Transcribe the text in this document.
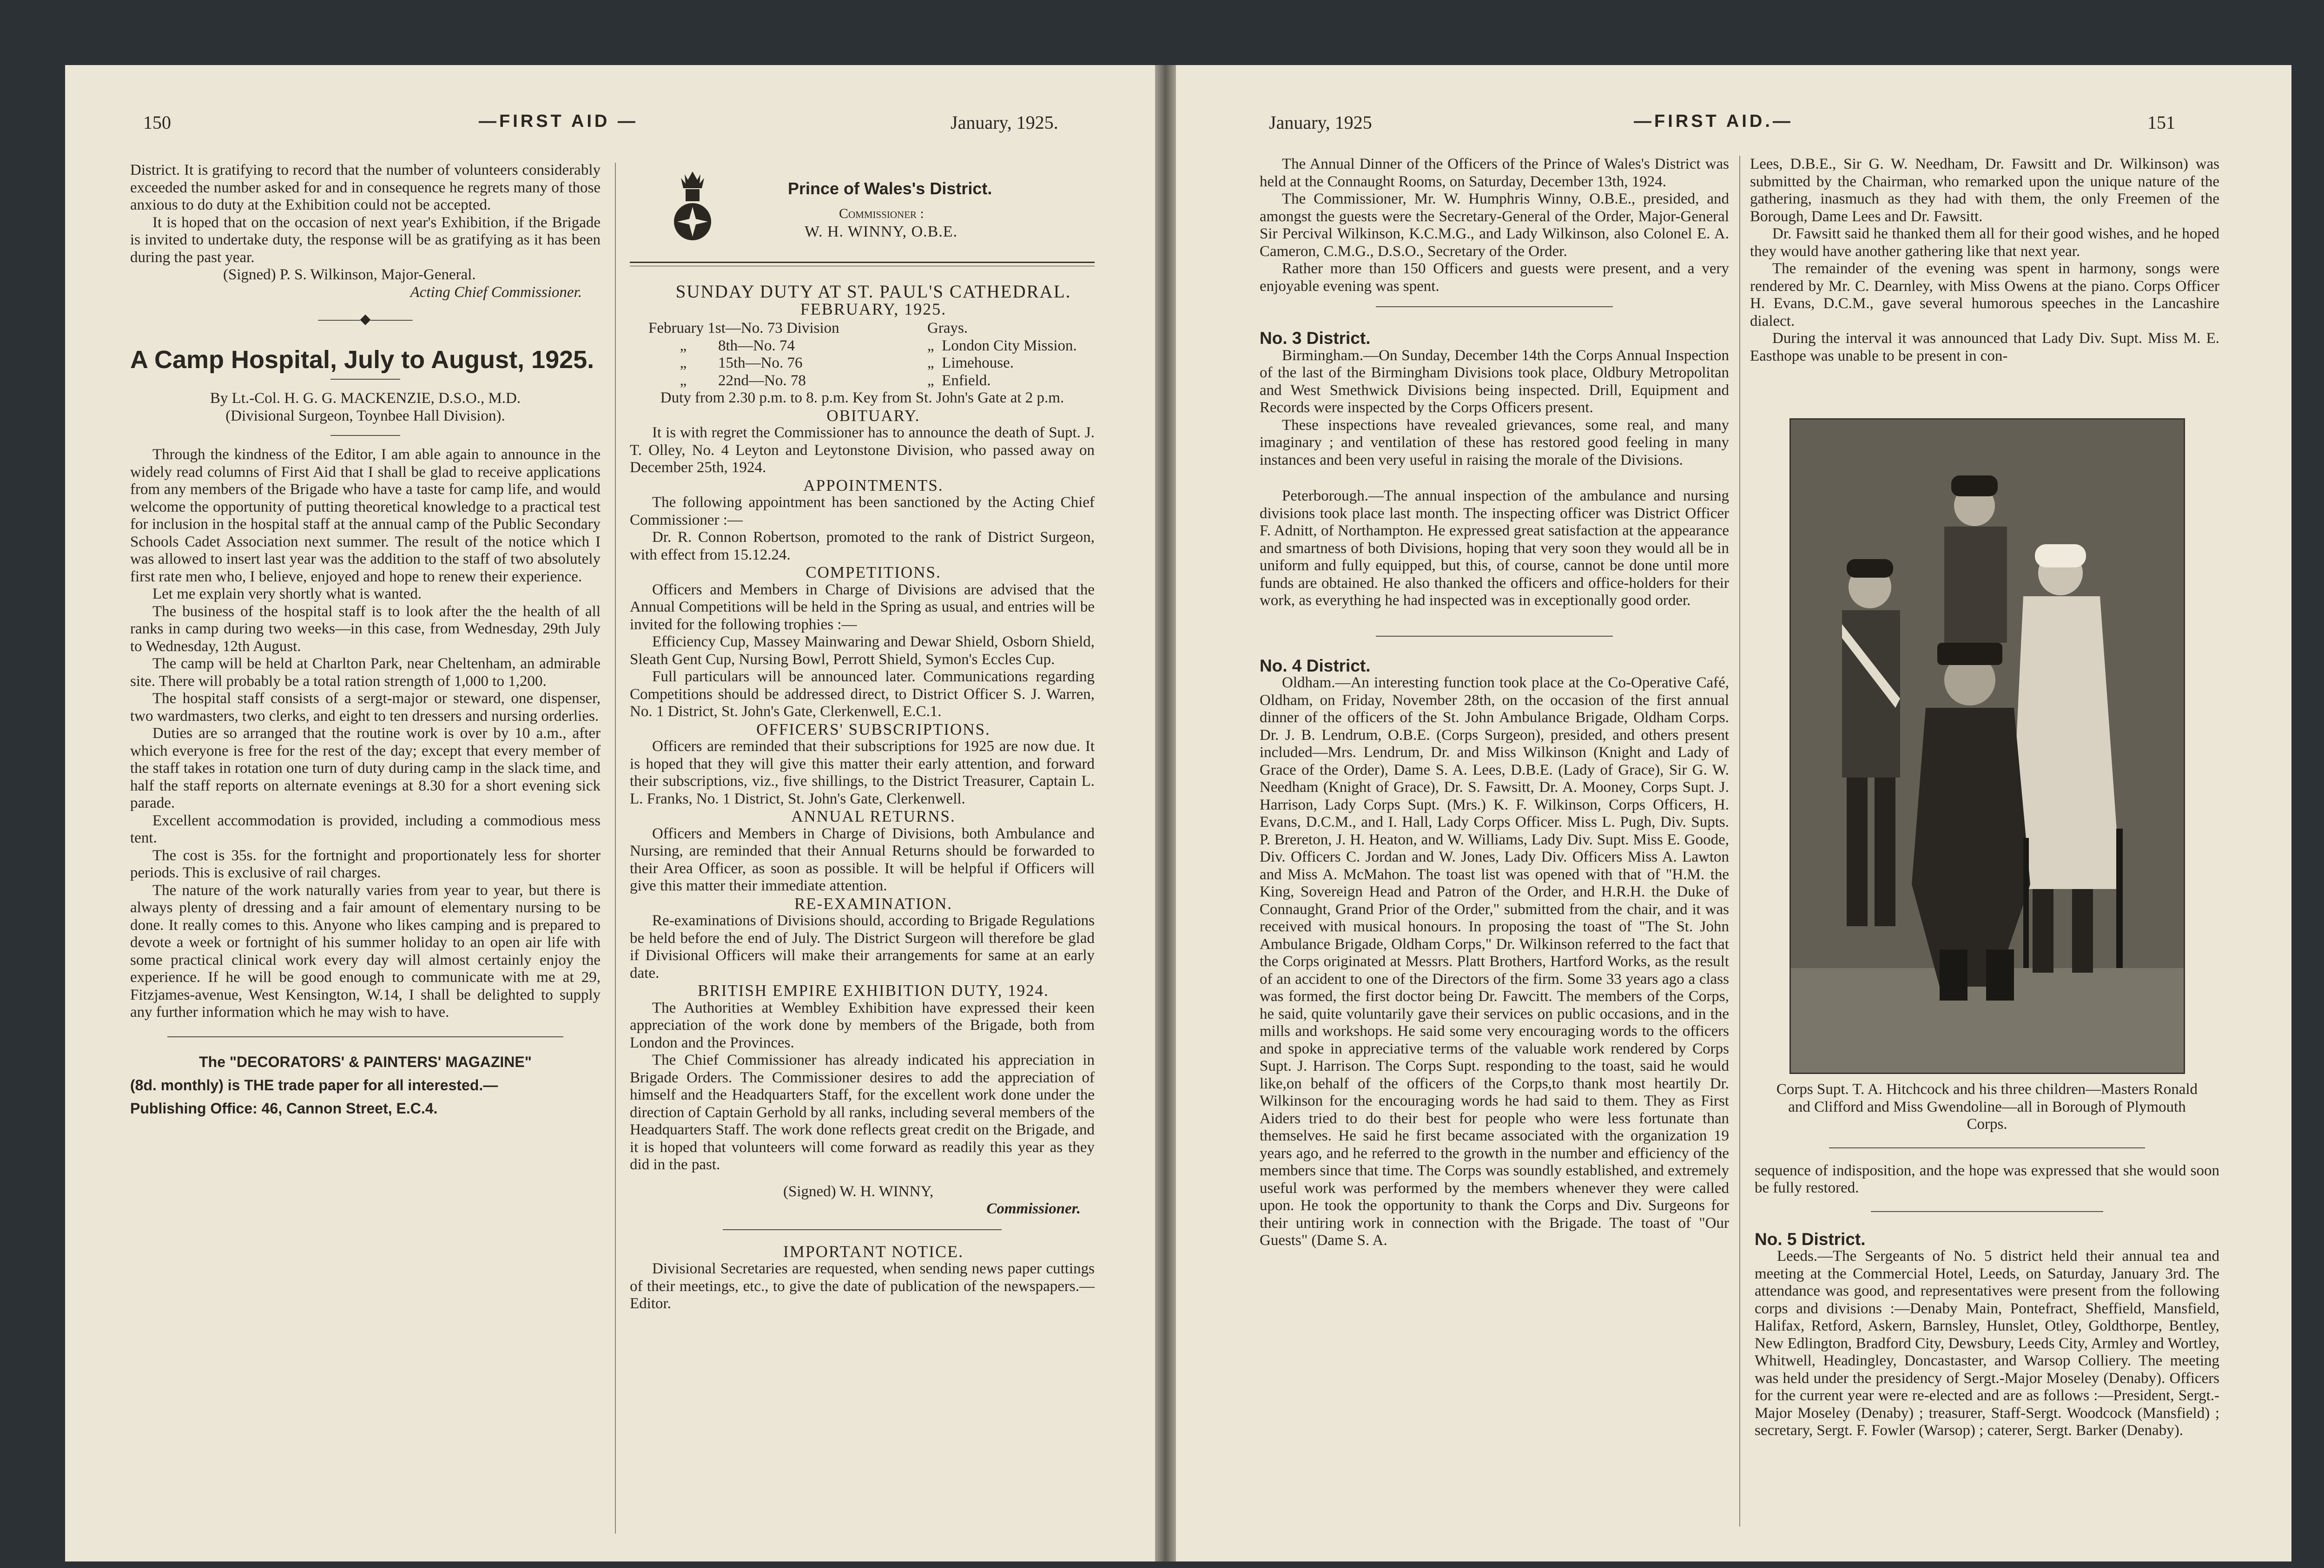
150	—FIRST AID —	January, 1925.

District. It is gratifying to record that the number of volunteers considerably exceeded the number asked for and in consequence he regrets many of those anxious to do duty at the Exhibition could not be accepted.

It is hoped that on the occasion of next year's Exhibition, if the Brigade is invited to undertake duty, the response will be as gratifying as it has been during the past year.

(Signed) P. S. Wilkinson, Major-General.

Acting Chief Commissioner.

———◆———

A Camp Hospital, July to August, 1925.

By Lt.-Col. H. G. G. MACKENZIE, D.S.O., M.D.

(Divisional Surgeon, Toynbee Hall Division).

Through the kindness of the Editor, I am able again to announce in the widely read columns of First Aid that I shall be glad to receive applications from any members of the Brigade who have a taste for camp life, and would welcome the opportunity of putting theoretical knowledge to a practical test for inclusion in the hospital staff at the annual camp of the Public Secondary Schools Cadet Association next summer. The result of the notice which I was allowed to insert last year was the addition to the staff of two absolutely first rate men who, I believe, enjoyed and hope to renew their experience.

Let me explain very shortly what is wanted.

The business of the hospital staff is to look after the the health of all ranks in camp during two weeks—in this case, from Wednesday, 29th July to Wednesday, 12th August.

The camp will be held at Charlton Park, near Cheltenham, an admirable site. There will probably be a total ration strength of 1,000 to 1,200.

The hospital staff consists of a sergt-major or steward, one dispenser, two wardmasters, two clerks, and eight to ten dressers and nursing orderlies.

Duties are so arranged that the routine work is over by 10 a.m., after which everyone is free for the rest of the day; except that every member of the staff takes in rotation one turn of duty during camp in the slack time, and half the staff reports on alternate evenings at 8.30 for a short evening sick parade.

Excellent accommodation is provided, including a commodious mess tent.

The cost is 35s. for the fortnight and proportionately less for shorter periods. This is exclusive of rail charges.

The nature of the work naturally varies from year to year, but there is always plenty of dressing and a fair amount of elementary nursing to be done. It really comes to this. Anyone who likes camping and is prepared to devote a week or fortnight of his summer holiday to an open air life with some practical clinical work every day will almost certainly enjoy the experience. If he will be good enough to communicate with me at 29, Fitzjames-avenue, West Kensington, W.14, I shall be delighted to supply any further information which he may wish to have.

The "DECORATORS' & PAINTERS' MAGAZINE"
(8d. monthly) is THE trade paper for all interested.—
Publishing Office: 46, Cannon Street, E.C.4.

Prince of Wales's District.

Commissioner :

W. H. WINNY, O.B.E.

SUNDAY DUTY AT ST. PAUL'S CATHEDRAL.

FEBRUARY, 1925.

February 1st—No. 73 Division	Grays.
„	8th—No. 74	„ London City Mission.
„	15th—No. 76	„ Limehouse.
„	22nd—No. 78	„ Enfield.

Duty from 2.30 p.m. to 8. p.m. Key from St. John's Gate at 2 p.m.

OBITUARY.

It is with regret the Commissioner has to announce the death of Supt. J. T. Olley, No. 4 Leyton and Leytonstone Division, who passed away on December 25th, 1924.

APPOINTMENTS.

The following appointment has been sanctioned by the Acting Chief Commissioner :—

Dr. R. Connon Robertson, promoted to the rank of District Surgeon, with effect from 15.12.24.

COMPETITIONS.

Officers and Members in Charge of Divisions are advised that the Annual Competitions will be held in the Spring as usual, and entries will be invited for the following trophies :—

Efficiency Cup, Massey Mainwaring and Dewar Shield, Osborn Shield, Sleath Gent Cup, Nursing Bowl, Perrott Shield, Symon's Eccles Cup.

Full particulars will be announced later. Communications regarding Competitions should be addressed direct, to District Officer S. J. Warren, No. 1 District, St. John's Gate, Clerkenwell, E.C.1.

OFFICERS' SUBSCRIPTIONS.

Officers are reminded that their subscriptions for 1925 are now due. It is hoped that they will give this matter their early attention, and forward their subscriptions, viz., five shillings, to the District Treasurer, Captain L. L. Franks, No. 1 District, St. John's Gate, Clerkenwell.

ANNUAL RETURNS.

Officers and Members in Charge of Divisions, both Ambulance and Nursing, are reminded that their Annual Returns should be forwarded to their Area Officer, as soon as possible. It will be helpful if Officers will give this matter their immediate attention.

RE-EXAMINATION.

Re-examinations of Divisions should, according to Brigade Regulations be held before the end of July. The District Surgeon will therefore be glad if Divisional Officers will make their arrangements for same at an early date.

BRITISH EMPIRE EXHIBITION DUTY, 1924.

The Authorities at Wembley Exhibition have expressed their keen appreciation of the work done by members of the Brigade, both from London and the Provinces.

The Chief Commissioner has already indicated his appreciation in Brigade Orders. The Commissioner desires to add the appreciation of himself and the Headquarters Staff, for the excellent work done under the direction of Captain Gerhold by all ranks, including several members of the Headquarters Staff. The work done reflects great credit on the Brigade, and it is hoped that volunteers will come forward as readily this year as they did in the past.

(Signed) W. H. WINNY,

Commissioner.

IMPORTANT NOTICE.

Divisional Secretaries are requested, when sending news paper cuttings of their meetings, etc., to give the date of publication of the newspapers.—Editor.

January, 1925	—FIRST AID.—	151

The Annual Dinner of the Officers of the Prince of Wales's District was held at the Connaught Rooms, on Saturday, December 13th, 1924.

The Commissioner, Mr. W. Humphris Winny, O.B.E., presided, and amongst the guests were the Secretary-General of the Order, Major-General Sir Percival Wilkinson, K.C.M.G., and Lady Wilkinson, also Colonel E. A. Cameron, C.M.G., D.S.O., Secretary of the Order.

Rather more than 150 Officers and guests were present, and a very enjoyable evening was spent.

No. 3 District.

Birmingham.—On Sunday, December 14th the Corps Annual Inspection of the last of the Birmingham Divisions took place, Oldbury Metropolitan and West Smethwick Divisions being inspected. Drill, Equipment and Records were inspected by the Corps Officers present.

These inspections have revealed grievances, some real, and many imaginary ; and ventilation of these has restored good feeling in many instances and been very useful in raising the morale of the Divisions.

Peterborough.—The annual inspection of the ambulance and nursing divisions took place last month. The inspecting officer was District Officer F. Adnitt, of Northampton. He expressed great satisfaction at the appearance and smartness of both Divisions, hoping that very soon they would all be in uniform and fully equipped, but this, of course, cannot be done until more funds are obtained. He also thanked the officers and office-holders for their work, as everything he had inspected was in exceptionally good order.

No. 4 District.

Oldham.—An interesting function took place at the Co-Operative Café, Oldham, on Friday, November 28th, on the occasion of the first annual dinner of the officers of the St. John Ambulance Brigade, Oldham Corps. Dr. J. B. Lendrum, O.B.E. (Corps Surgeon), presided, and others present included—Mrs. Lendrum, Dr. and Miss Wilkinson (Knight and Lady of Grace of the Order), Dame S. A. Lees, D.B.E. (Lady of Grace), Sir G. W. Needham (Knight of Grace), Dr. S. Fawsitt, Dr. A. Mooney, Corps Supt. J. Harrison, Lady Corps Supt. (Mrs.) K. F. Wilkinson, Corps Officers, H. Evans, D.C.M., and I. Hall, Lady Corps Officer. Miss L. Pugh, Div. Supts. P. Brereton, J. H. Heaton, and W. Williams, Lady Div. Supt. Miss E. Goode, Div. Officers C. Jordan and W. Jones, Lady Div. Officers Miss A. Lawton and Miss A. McMahon. The toast list was opened with that of "H.M. the King, Sovereign Head and Patron of the Order, and H.R.H. the Duke of Connaught, Grand Prior of the Order," submitted from the chair, and it was received with musical honours. In proposing the toast of "The St. John Ambulance Brigade, Oldham Corps," Dr. Wilkinson referred to the fact that the Corps originated at Messrs. Platt Brothers, Hartford Works, as the result of an accident to one of the Directors of the firm. Some 33 years ago a class was formed, the first doctor being Dr. Fawcitt. The members of the Corps, he said, quite voluntarily gave their services on public occasions, and in the mills and workshops. He said some very encouraging words to the officers and spoke in appreciative terms of the valuable work rendered by Corps Supt. J. Harrison. The Corps Supt. responding to the toast, said he would like,on behalf of the officers of the Corps,to thank most heartily Dr. Wilkinson for the encouraging words he had said to them. They as First Aiders tried to do their best for people who were less fortunate than themselves. He said he first became associated with the organization 19 years ago, and he referred to the growth in the number and efficiency of the members since that time. The Corps was soundly established, and extremely useful work was performed by the members whenever they were called upon. He took the opportunity to thank the Corps and Div. Surgeons for their untiring work in connection with the Brigade. The toast of "Our Guests" (Dame S. A.

Lees, D.B.E., Sir G. W. Needham, Dr. Fawsitt and Dr. Wilkinson) was submitted by the Chairman, who remarked upon the unique nature of the gathering, inasmuch as they had with them, the only Freemen of the Borough, Dame Lees and Dr. Fawsitt.

Dr. Fawsitt said he thanked them all for their good wishes, and he hoped they would have another gathering like that next year.

The remainder of the evening was spent in harmony, songs were rendered by Mr. C. Dearnley, with Miss Owens at the piano. Corps Officer H. Evans, D.C.M., gave several humorous speeches in the Lancashire dialect.

During the interval it was announced that Lady Div. Supt. Miss M. E. Easthope was unable to be present in con-

Corps Supt. T. A. Hitchcock and his three children—Masters Ronald and Clifford and Miss Gwendoline—all in Borough of Plymouth Corps.

sequence of indisposition, and the hope was expressed that she would soon be fully restored.

No. 5 District.

Leeds.—The Sergeants of No. 5 district held their annual tea and meeting at the Commercial Hotel, Leeds, on Saturday, January 3rd. The attendance was good, and representatives were present from the following corps and divisions :—Denaby Main, Pontefract, Sheffield, Mansfield, Halifax, Retford, Askern, Barnsley, Hunslet, Otley, Goldthorpe, Bentley, New Edlington, Bradford City, Dewsbury, Leeds City, Armley and Wortley, Whitwell, Headingley, Doncastaster, and Warsop Colliery. The meeting was held under the presidency of Sergt.-Major Moseley (Denaby). Officers for the current year were re-elected and are as follows :—President, Sergt.-Major Moseley (Denaby) ; treasurer, Staff-Sergt. Woodcock (Mansfield) ; secretary, Sergt. F. Fowler (Warsop) ; caterer, Sergt. Barker (Denaby).
